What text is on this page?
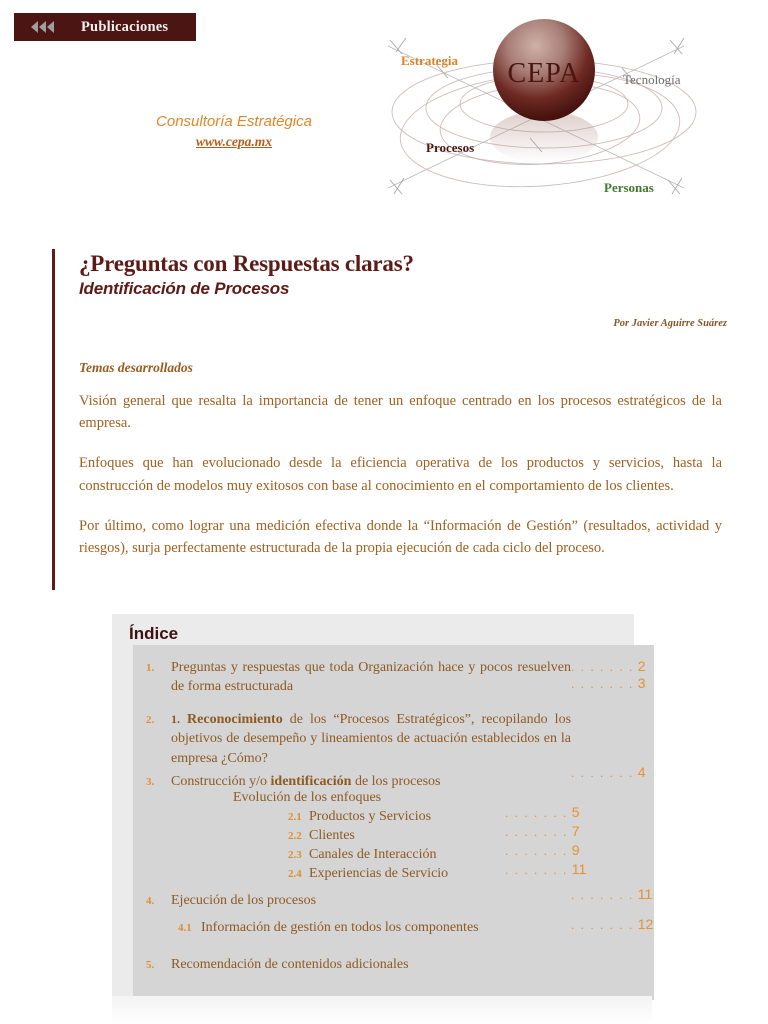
Publicaciones
CEPA
Estrategia
Tecnología
Procesos
Personas
Consultoría Estratégica
www.cepa.mx
¿Preguntas con Respuestas claras?
Identificación de Procesos
Por Javier Aguirre Suárez
Temas desarrollados

Visión general que resalta la importancia de tener un enfoque centrado en los procesos estratégicos de la empresa.

Enfoques que han evolucionado desde la eficiencia operativa de los productos y servicios, hasta la construcción de modelos muy exitosos con base al conocimiento en el comportamiento de los clientes.

Por último, como lograr una medición efectiva donde la “Información de Gestión” (resultados, actividad y riesgos), surja perfectamente estructurada de la propia ejecución de cada ciclo del proceso.

Índice
1.	Preguntas y respuestas que toda Organización hace y pocos resuelven de forma estructurada
. . . . . . . 2
2.	1. Reconocimiento de los “Procesos Estratégicos”, recopilando los objetivos de desempeño y lineamientos de actuación establecidos en la empresa ¿Cómo?
. . . . . . . 3
3.	Construcción y/o identificación de los procesos
. . . . . . . 4
Evolución de los enfoques
2.1 Productos y Servicios	. . . . . . . 5
2.2 Clientes	. . . . . . . 7
2.3 Canales de Interacción	. . . . . . . 9
2.4 Experiencias de Servicio	. . . . . . . 11
4.	Ejecución de los procesos	. . . . . . . 11
4.1 Información de gestión en todos los componentes	. . . . . . . 12
5.	Recomendación de contenidos adicionales
